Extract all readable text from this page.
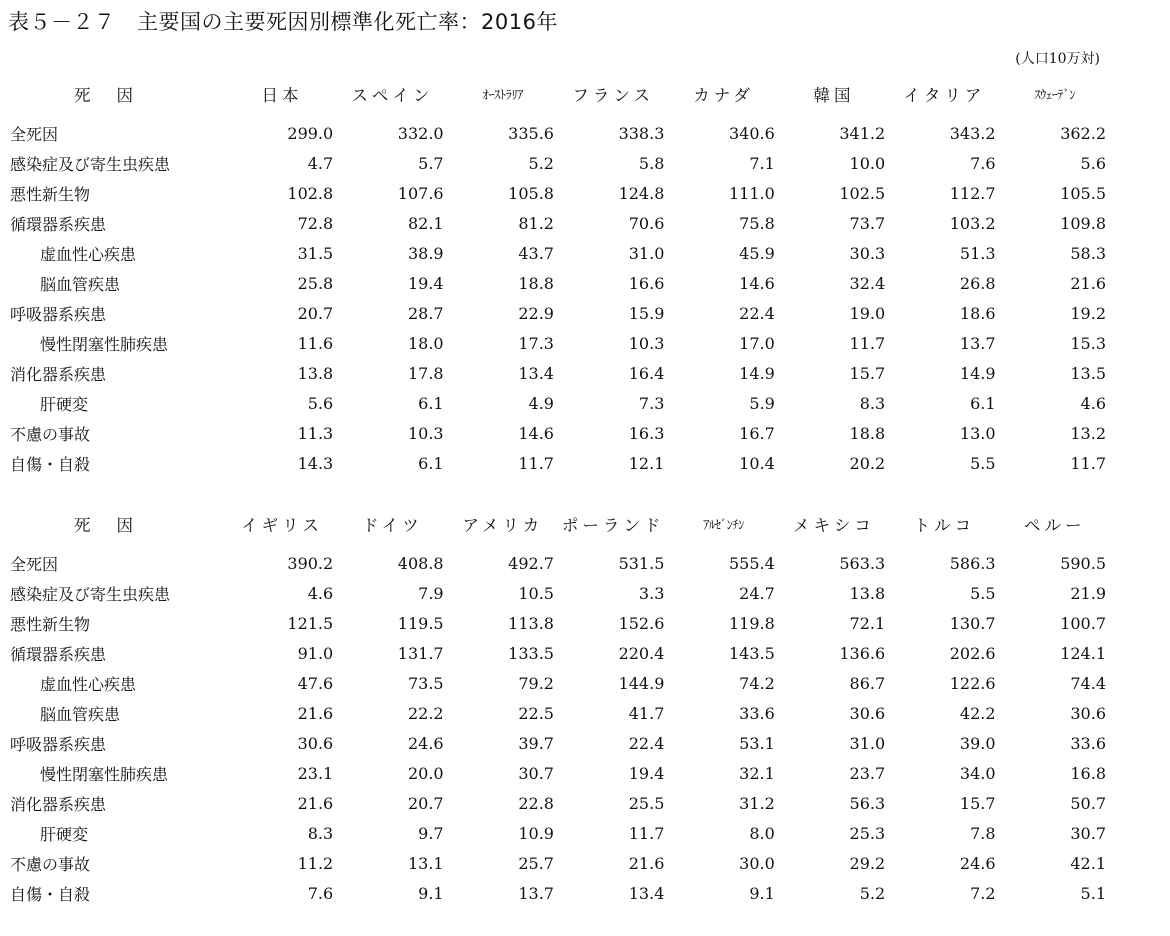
表５－２７　主要国の主要死因別標準化死亡率：2016年
(人口10万対)
死因	日本	スペイン	ｵｰｽﾄﾗﾘｱ	フランス	カナダ	韓国	イタリア	ｽｳｪｰﾃﾞﾝ
全死因	299.0	332.0	335.6	338.3	340.6	341.2	343.2	362.2
感染症及び寄生虫疾患	4.7	5.7	5.2	5.8	7.1	10.0	7.6	5.6
悪性新生物	102.8	107.6	105.8	124.8	111.0	102.5	112.7	105.5
循環器系疾患	72.8	82.1	81.2	70.6	75.8	73.7	103.2	109.8
虚血性心疾患	31.5	38.9	43.7	31.0	45.9	30.3	51.3	58.3
脳血管疾患	25.8	19.4	18.8	16.6	14.6	32.4	26.8	21.6
呼吸器系疾患	20.7	28.7	22.9	15.9	22.4	19.0	18.6	19.2
慢性閉塞性肺疾患	11.6	18.0	17.3	10.3	17.0	11.7	13.7	15.3
消化器系疾患	13.8	17.8	13.4	16.4	14.9	15.7	14.9	13.5
肝硬変	5.6	6.1	4.9	7.3	5.9	8.3	6.1	4.6
不慮の事故	11.3	10.3	14.6	16.3	16.7	18.8	13.0	13.2
自傷・自殺	14.3	6.1	11.7	12.1	10.4	20.2	5.5	11.7
死因	イギリス	ドイツ	アメリカ	ポーランド	ｱﾙｾﾞﾝﾁﾝ	メキシコ	トルコ	ペルー
全死因	390.2	408.8	492.7	531.5	555.4	563.3	586.3	590.5
感染症及び寄生虫疾患	4.6	7.9	10.5	3.3	24.7	13.8	5.5	21.9
悪性新生物	121.5	119.5	113.8	152.6	119.8	72.1	130.7	100.7
循環器系疾患	91.0	131.7	133.5	220.4	143.5	136.6	202.6	124.1
虚血性心疾患	47.6	73.5	79.2	144.9	74.2	86.7	122.6	74.4
脳血管疾患	21.6	22.2	22.5	41.7	33.6	30.6	42.2	30.6
呼吸器系疾患	30.6	24.6	39.7	22.4	53.1	31.0	39.0	33.6
慢性閉塞性肺疾患	23.1	20.0	30.7	19.4	32.1	23.7	34.0	16.8
消化器系疾患	21.6	20.7	22.8	25.5	31.2	56.3	15.7	50.7
肝硬変	8.3	9.7	10.9	11.7	8.0	25.3	7.8	30.7
不慮の事故	11.2	13.1	25.7	21.6	30.0	29.2	24.6	42.1
自傷・自殺	7.6	9.1	13.7	13.4	9.1	5.2	7.2	5.1
